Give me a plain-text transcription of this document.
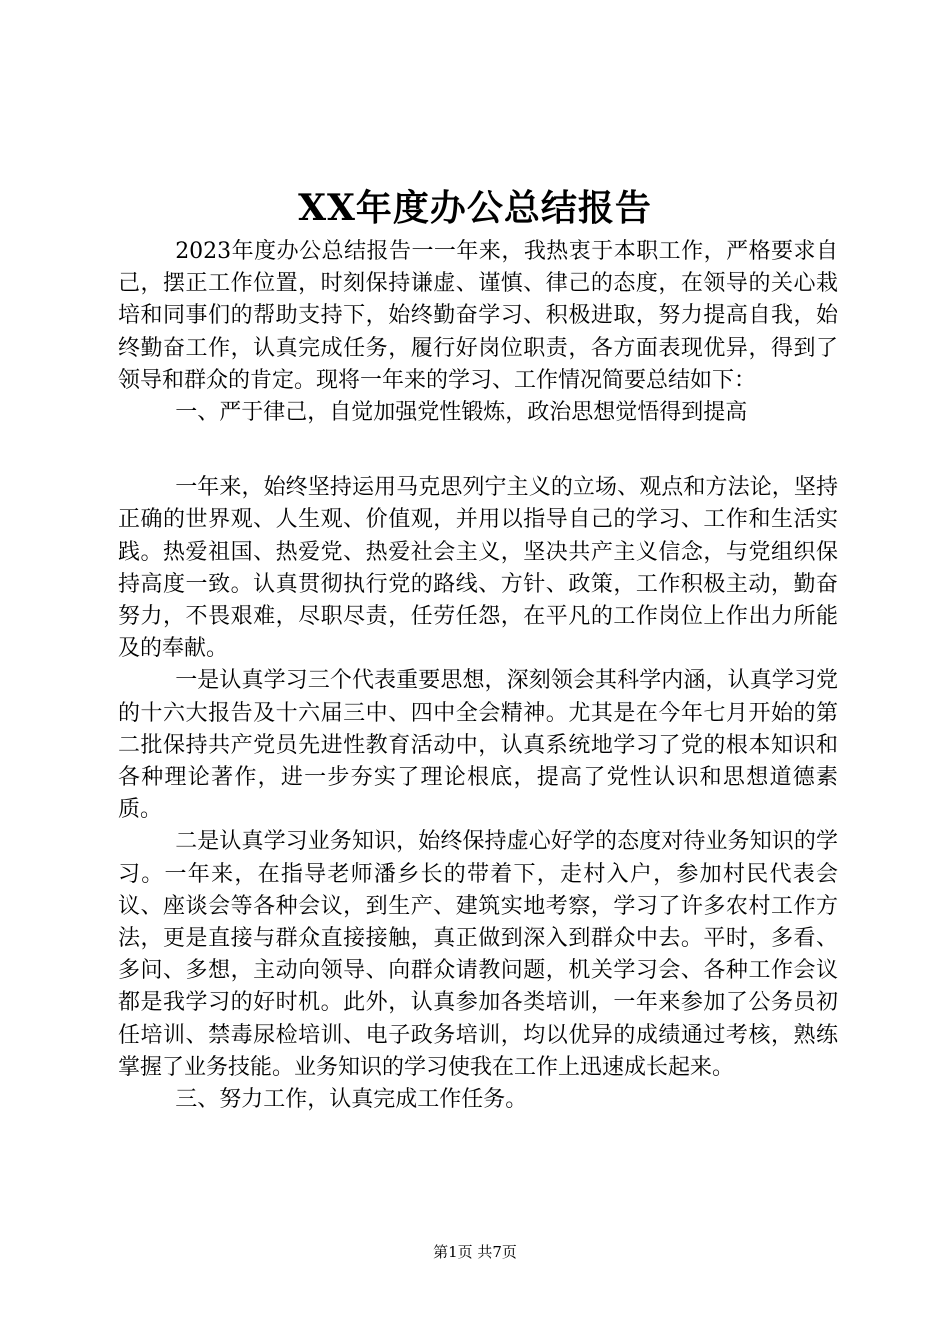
XX年度办公总结报告

2023年度办公总结报告一一年来，我热衷于本职工作，严格要求自己，摆正工作位置，时刻保持谦虚、谨慎、律己的态度，在领导的关心栽培和同事们的帮助支持下，始终勤奋学习、积极进取，努力提高自我，始终勤奋工作，认真完成任务，履行好岗位职责，各方面表现优异，得到了领导和群众的肯定。现将一年来的学习、工作情况简要总结如下：

一、严于律己，自觉加强党性锻炼，政治思想觉悟得到提高

一年来，始终坚持运用马克思列宁主义的立场、观点和方法论，坚持正确的世界观、人生观、价值观，并用以指导自己的学习、工作和生活实践。热爱祖国、热爱党、热爱社会主义，坚决共产主义信念，与党组织保持高度一致。认真贯彻执行党的路线、方针、政策，工作积极主动，勤奋努力，不畏艰难，尽职尽责，任劳任怨，在平凡的工作岗位上作出力所能及的奉献。

一是认真学习三个代表重要思想，深刻领会其科学内涵，认真学习党的十六大报告及十六届三中、四中全会精神。尤其是在今年七月开始的第二批保持共产党员先进性教育活动中，认真系统地学习了党的根本知识和各种理论著作，进一步夯实了理论根底，提高了党性认识和思想道德素质。

二是认真学习业务知识，始终保持虚心好学的态度对待业务知识的学习。一年来，在指导老师潘乡长的带着下，走村入户，参加村民代表会议、座谈会等各种会议，到生产、建筑实地考察，学习了许多农村工作方法，更是直接与群众直接接触，真正做到深入到群众中去。平时，多看、多问、多想，主动向领导、向群众请教问题，机关学习会、各种工作会议都是我学习的好时机。此外，认真参加各类培训，一年来参加了公务员初任培训、禁毒尿检培训、电子政务培训，均以优异的成绩通过考核，熟练掌握了业务技能。业务知识的学习使我在工作上迅速成长起来。

三、努力工作，认真完成工作任务。

第1页 共7页
